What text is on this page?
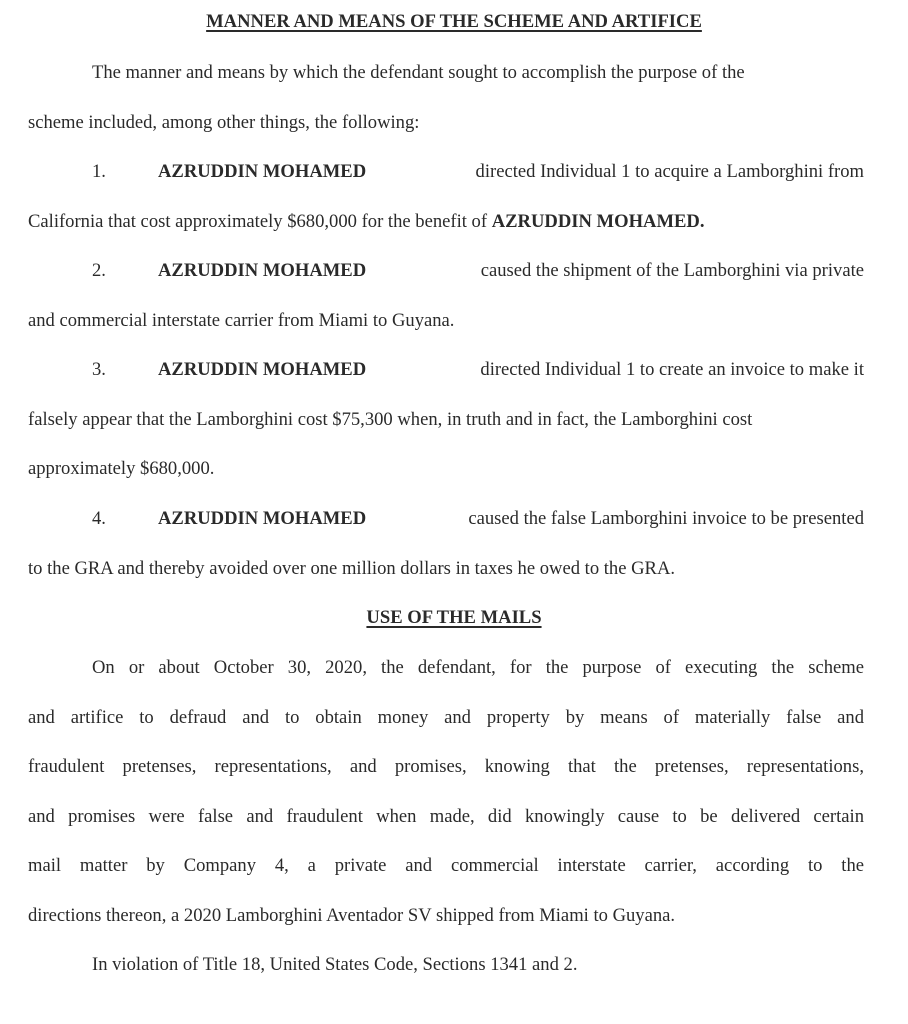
MANNER AND MEANS OF THE SCHEME AND ARTIFICE
The manner and means by which the defendant sought to accomplish the purpose of the
scheme included, among other things, the following:
1.	AZRUDDIN MOHAMED	directed Individual 1 to acquire a Lamborghini from
California that cost approximately $680,000 for the benefit of AZRUDDIN MOHAMED.
2.	AZRUDDIN MOHAMED	caused the shipment of the Lamborghini via private
and commercial interstate carrier from Miami to Guyana.
3.	AZRUDDIN MOHAMED	directed Individual 1 to create an invoice to make it
falsely appear that the Lamborghini cost $75,300 when, in truth and in fact, the Lamborghini cost
approximately $680,000.
4.	AZRUDDIN MOHAMED	caused the false Lamborghini invoice to be presented
to the GRA and thereby avoided over one million dollars in taxes he owed to the GRA.
USE OF THE MAILS
On or about October 30, 2020, the defendant, for the purpose of executing the scheme
and artifice to defraud and to obtain money and property by means of materially false and
fraudulent pretenses, representations, and promises, knowing that the pretenses, representations,
and promises were false and fraudulent when made, did knowingly cause to be delivered certain
mail matter by Company 4, a private and commercial interstate carrier, according to the
directions thereon, a 2020 Lamborghini Aventador SV shipped from Miami to Guyana.
In violation of Title 18, United States Code, Sections 1341 and 2.
